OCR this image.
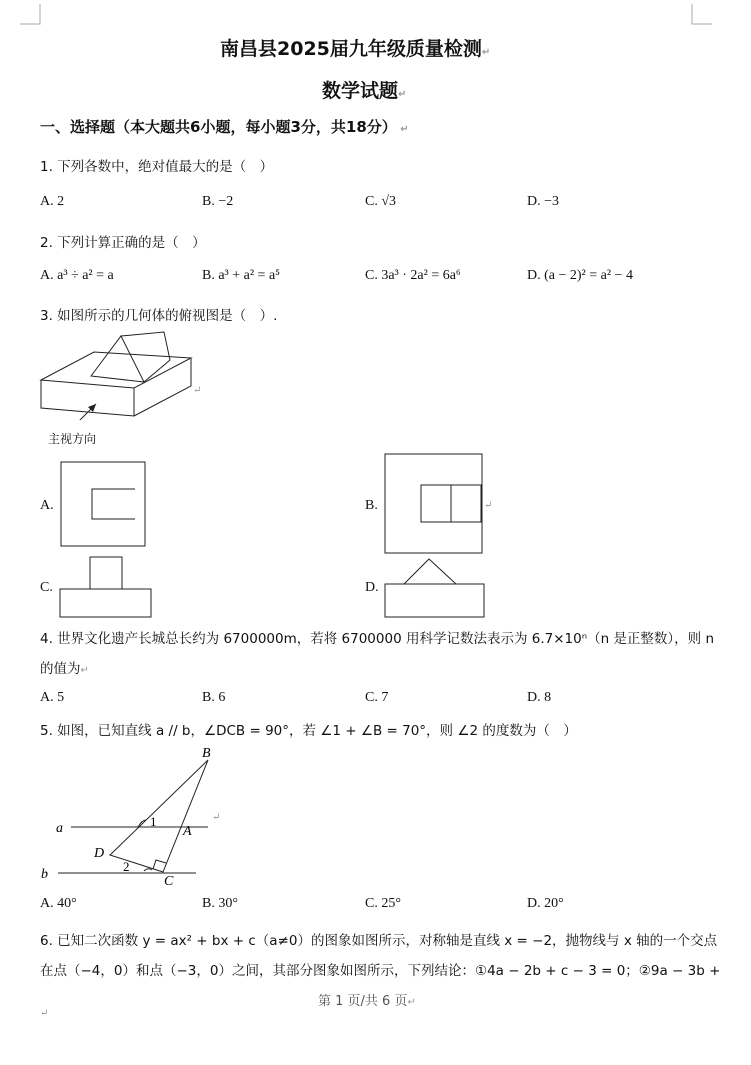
南昌县2025届九年级质量检测↵
数学试题↵
一、选择题（本大题共6小题，每小题3分，共18分） ↵
1. 下列各数中，绝对值最大的是（　）
A. 2	B. −2	C. √3	D. −3
2. 下列计算正确的是（　）
A. a³ ÷ a² = a	B. a³ + a² = a⁵	C. 3a³ · 2a² = 6a⁶	D. (a − 2)² = a² − 4
3. 如图所示的几何体的俯视图是（　）.
主视方向
↵
A.	B.	↵
C.	D.
4. 世界文化遗产长城总长约为 6700000m，若将 6700000 用科学记数法表示为 6.7×10ⁿ（n 是正整数），则 n
的值为↵
A. 5	B. 6	C. 7	D. 8
5. 如图，已知直线 a // b，∠DCB = 90°，若 ∠1 + ∠B = 70°，则 ∠2 的度数为（　）
B
A
C
D
a
b
1
2
↵
A. 40°	B. 30°	C. 25°	D. 20°
6. 已知二次函数 y = ax² + bx + c（a≠0）的图象如图所示，对称轴是直线 x = −2，抛物线与 x 轴的一个交点
在点（−4，0）和点（−3，0）之间，其部分图象如图所示，下列结论：①4a − 2b + c − 3 = 0；②9a − 3b +
第 1 页/共 6 页↵
↵
